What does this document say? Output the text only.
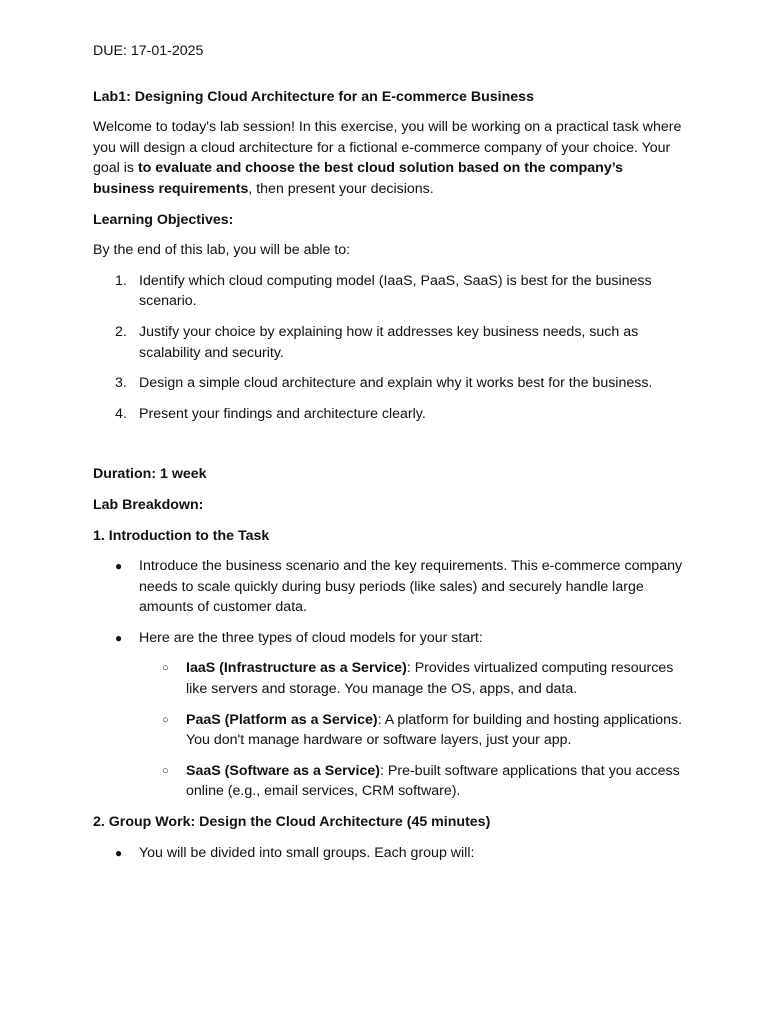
DUE: 17-01-2025

Lab1: Designing Cloud Architecture for an E-commerce Business

Welcome to today's lab session! In this exercise, you will be working on a practical task where you will design a cloud architecture for a fictional e-commerce company of your choice. Your goal is to evaluate and choose the best cloud solution based on the company’s business requirements, then present your decisions.

Learning Objectives:

By the end of this lab, you will be able to:

1. Identify which cloud computing model (IaaS, PaaS, SaaS) is best for the business scenario.
2. Justify your choice by explaining how it addresses key business needs, such as scalability and security.
3. Design a simple cloud architecture and explain why it works best for the business.
4. Present your findings and architecture clearly.

Duration: 1 week

Lab Breakdown:

1. Introduction to the Task

● Introduce the business scenario and the key requirements. This e-commerce company needs to scale quickly during busy periods (like sales) and securely handle large amounts of customer data.
● Here are the three types of cloud models for your start:
○ IaaS (Infrastructure as a Service): Provides virtualized computing resources like servers and storage. You manage the OS, apps, and data.
○ PaaS (Platform as a Service): A platform for building and hosting applications. You don't manage hardware or software layers, just your app.
○ SaaS (Software as a Service): Pre-built software applications that you access online (e.g., email services, CRM software).

2. Group Work: Design the Cloud Architecture (45 minutes)

● You will be divided into small groups. Each group will:
